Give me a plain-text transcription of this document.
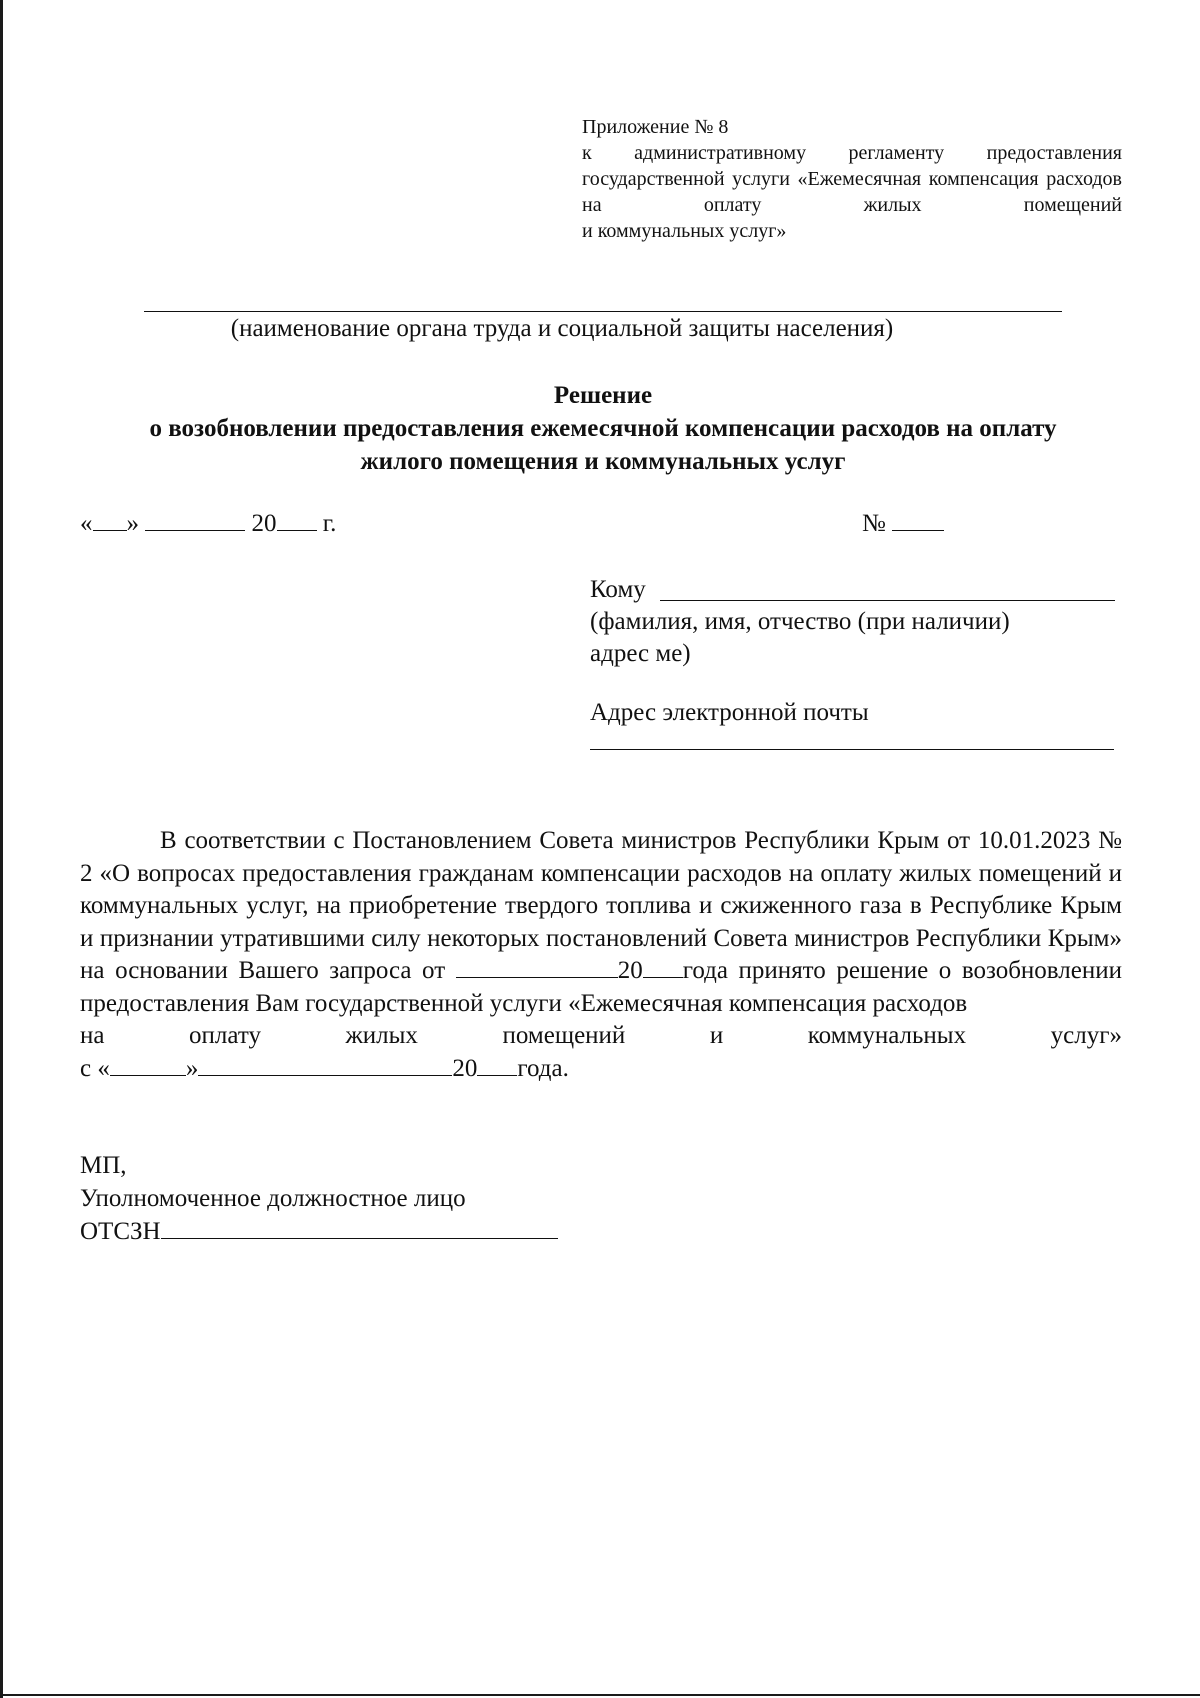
Приложение № 8
к административному регламенту предоставления государственной услуги «Ежемесячная компенсация расходов на оплату жилых помещений
и коммунальных услуг»
(наименование органа труда и социальной защиты населения)
Решение
о возобновлении предоставления ежемесячной компенсации расходов на оплату
жилого помещения и коммунальных услуг
« »	20 г.	№
Кому
(фамилия, имя, отчество (при наличии)
адрес ме)
Адрес электронной почты
В соответствии с Постановлением Совета министров Республики Крым от 10.01.2023 № 2 «О вопросах предоставления гражданам компенсации расходов на оплату жилых помещений и коммунальных услуг, на приобретение твердого топлива и сжиженного газа в Республике Крым и признании утратившими силу некоторых постановлений Совета министров Республики Крым» на основании Вашего запроса от	20 года принято решение о возобновлении предоставления Вам государственной услуги «Ежемесячная компенсация расходов
на оплату жилых помещений и коммунальных услуг»
с «	»	20 года.
МП,
Уполномоченное должностное лицо
ОТСЗН
